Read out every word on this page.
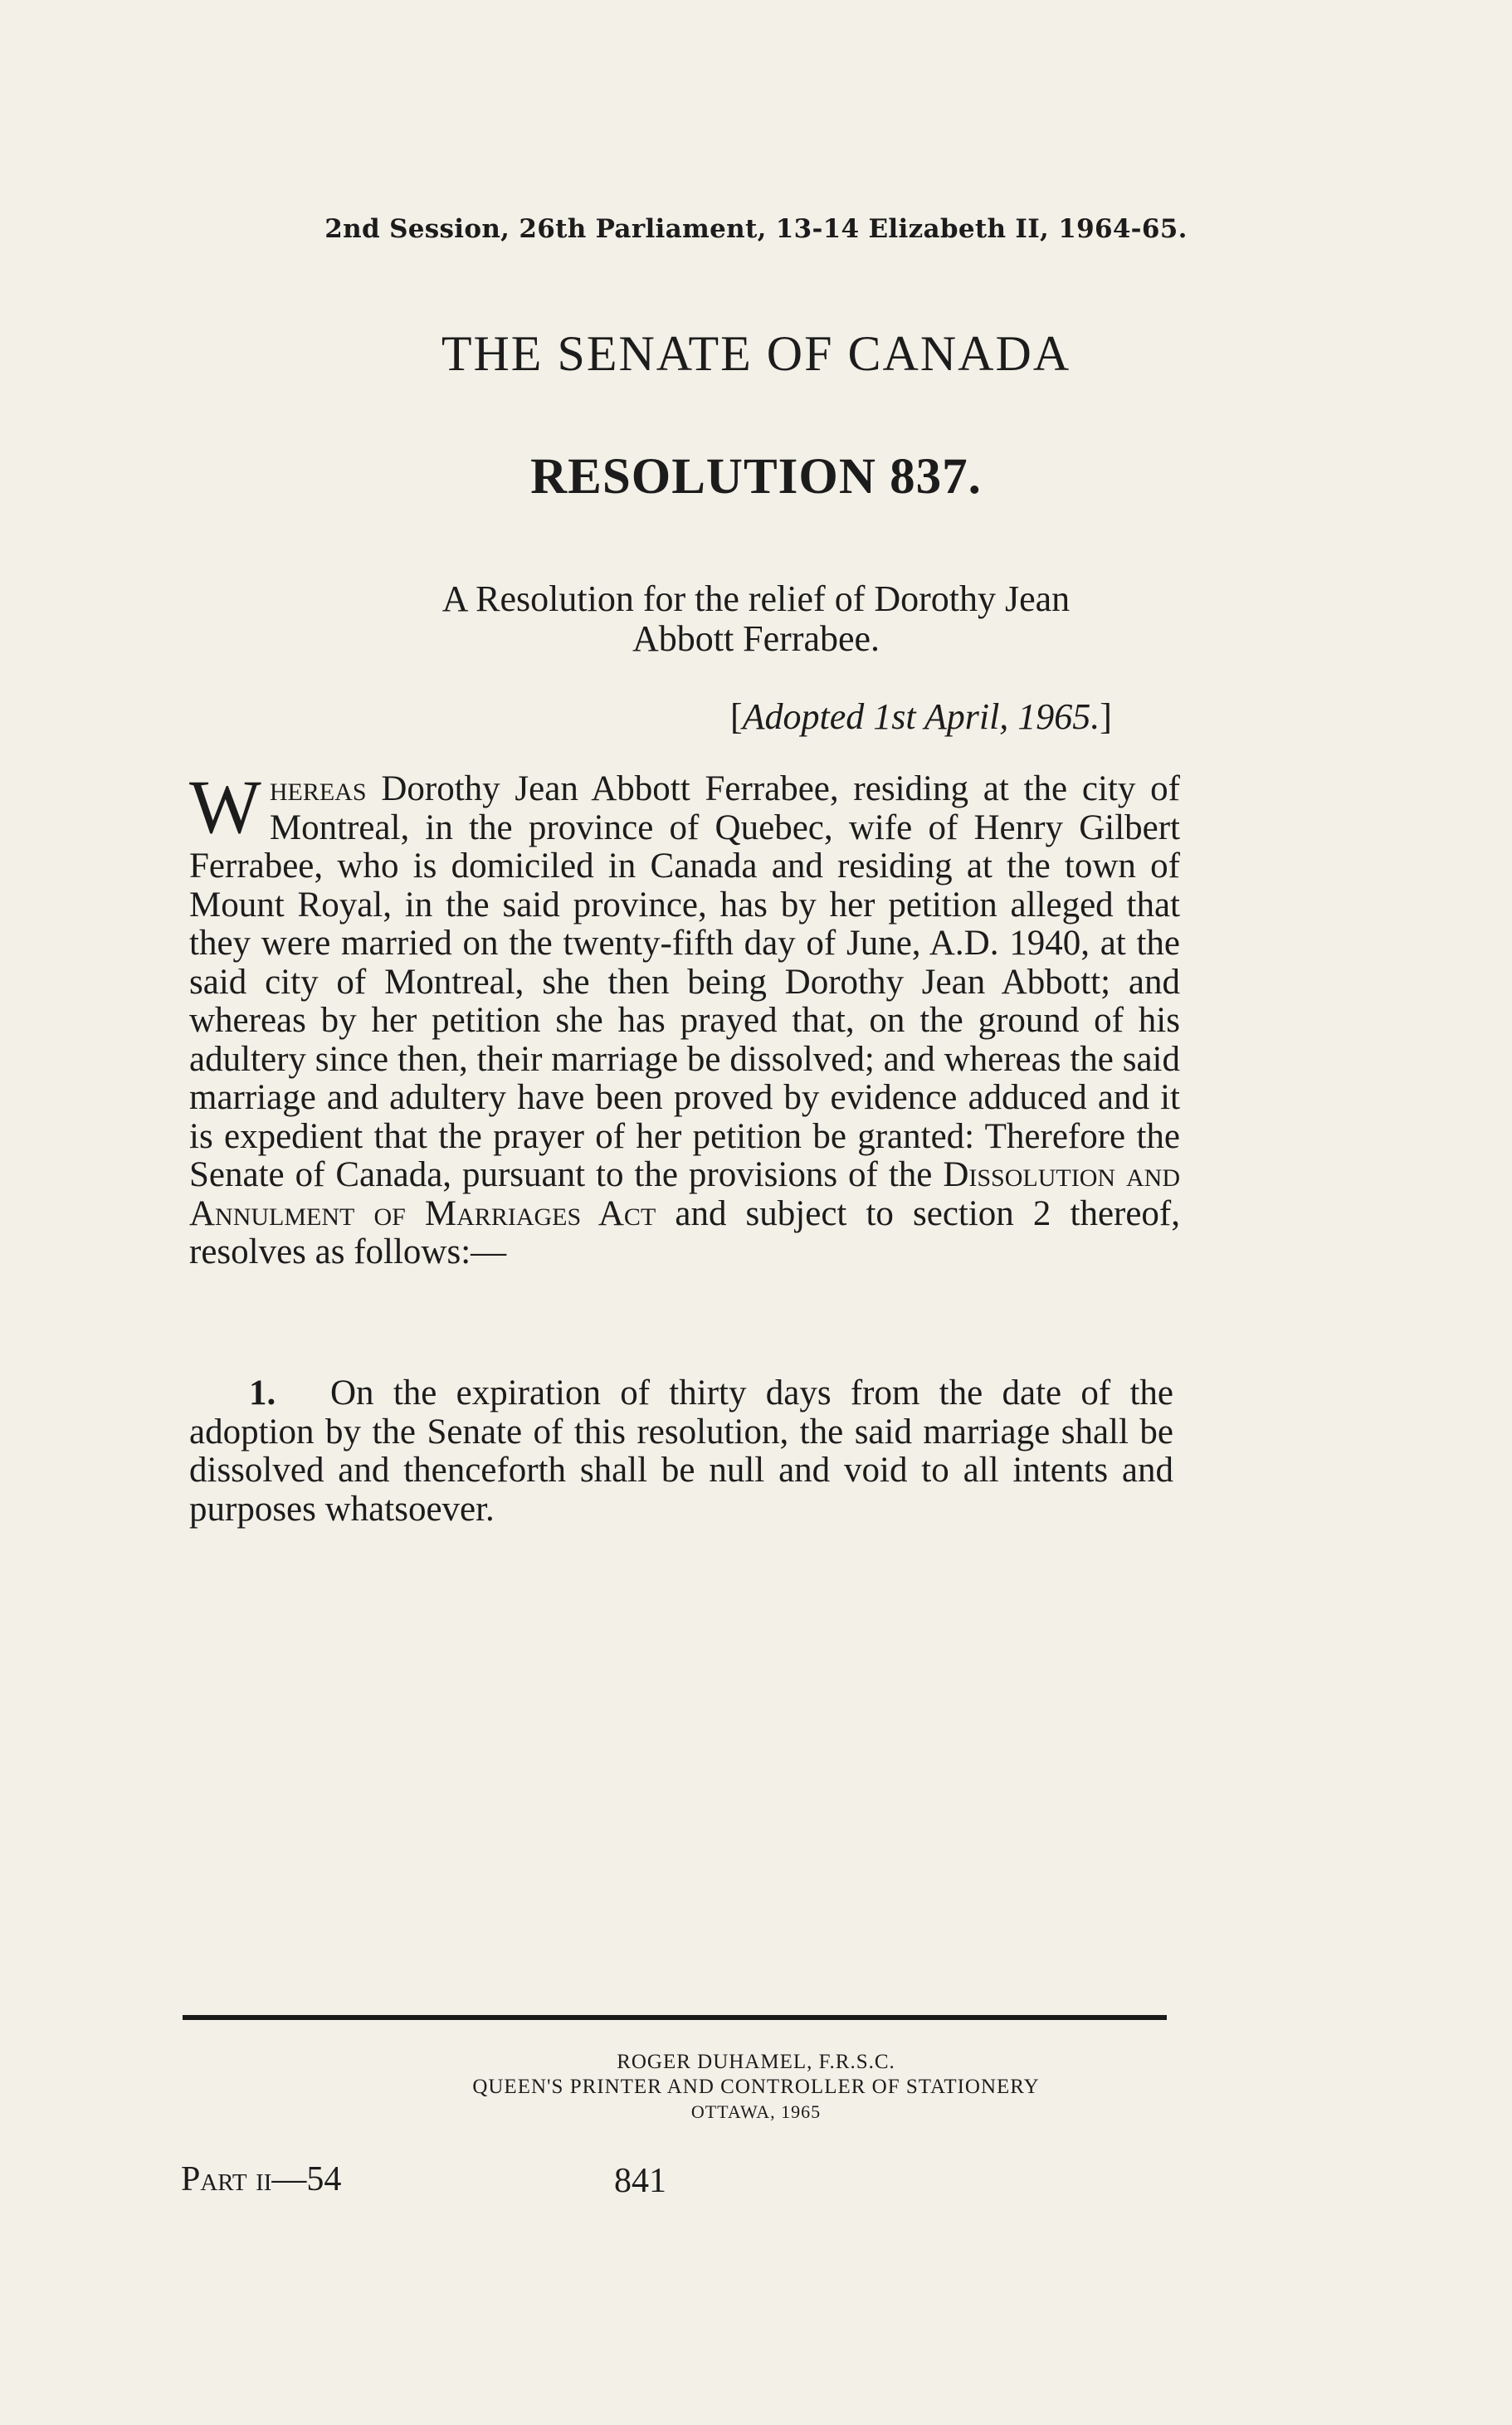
2nd Session, 26th Parliament, 13-14 Elizabeth II, 1964-65.
THE SENATE OF CANADA
RESOLUTION 837.
A Resolution for the relief of Dorothy Jean
Abbott Ferrabee.
[Adopted 1st April, 1965.]

Whereas Dorothy Jean Abbott Ferrabee, residing at the city of Montreal, in the province of Quebec, wife of Henry Gilbert Ferrabee, who is domiciled in Canada and residing at the town of Mount Royal, in the said province, has by her petition alleged that they were married on the twenty-fifth day of June, A.D. 1940, at the said city of Montreal, she then being Dorothy Jean Abbott; and whereas by her petition she has prayed that, on the ground of his adultery since then, their marriage be dissolved; and whereas the said marriage and adultery have been proved by evidence adduced and it is expedient that the prayer of her petition be granted: Therefore the Senate of Canada, pursuant to the provisions of the Dissolution and Annulment of Marriages Act and subject to section 2 thereof, resolves as follows:—

1. On the expiration of thirty days from the date of the adoption by the Senate of this resolution, the said marriage shall be dissolved and thenceforth shall be null and void to all intents and purposes whatsoever.
ROGER DUHAMEL, F.R.S.C.
QUEEN'S PRINTER AND CONTROLLER OF STATIONERY
OTTAWA, 1965
Part ii—54	841
